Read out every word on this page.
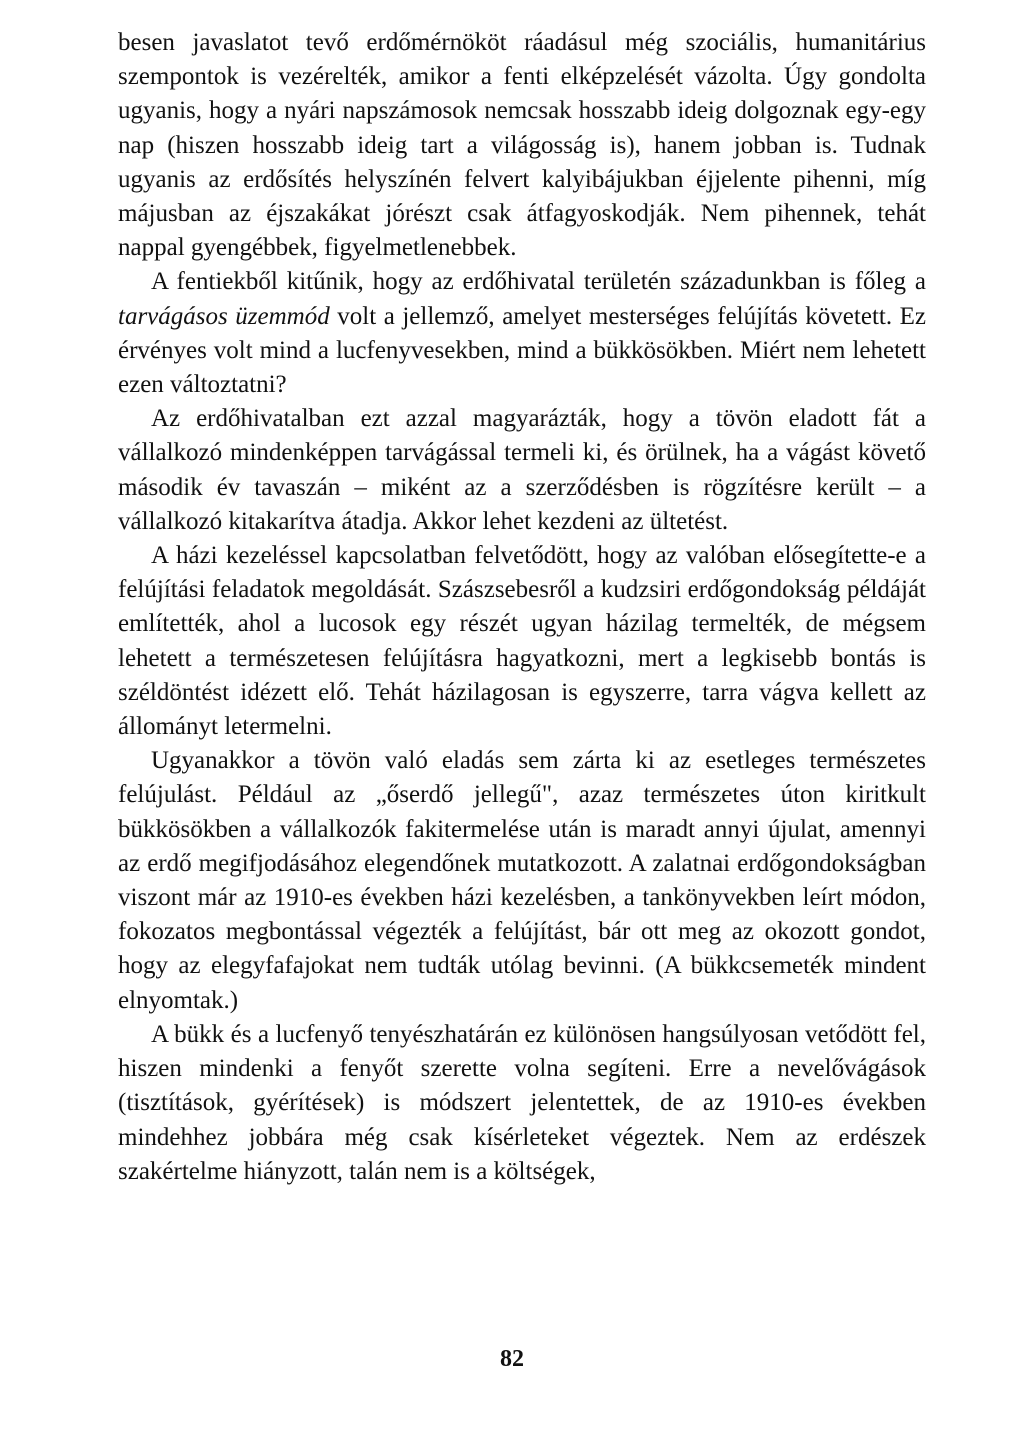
besen javaslatot tevő erdőmérnököt ráadásul még szociális, humanitárius szempontok is vezérelték, amikor a fenti elképzelését vázolta. Úgy gondolta ugyanis, hogy a nyári napszámosok nemcsak hosszabb ideig dolgoznak egy-egy nap (hiszen hosszabb ideig tart a világosság is), hanem jobban is. Tudnak ugyanis az erdősítés helyszínén felvert kalyibájukban éjjelente pihenni, míg májusban az éjszakákat jórészt csak átfagyoskodják. Nem pihennek, tehát nappal gyengébbek, figyelmetlenebbek.

A fentiekből kitűnik, hogy az erdőhivatal területén századunkban is főleg a tarvágásos üzemmód volt a jellemző, amelyet mesterséges felújítás követett. Ez érvényes volt mind a lucfenyvesekben, mind a bükkösökben. Miért nem lehetett ezen változtatni?

Az erdőhivatalban ezt azzal magyarázták, hogy a tövön eladott fát a vállalkozó mindenképpen tarvágással termeli ki, és örülnek, ha a vágást követő második év tavaszán – miként az a szerződésben is rögzítésre került – a vállalkozó kitakarítva átadja. Akkor lehet kezdeni az ültetést.

A házi kezeléssel kapcsolatban felvetődött, hogy az valóban elősegítette-e a felújítási feladatok megoldását. Szászsebesről a kudzsiri erdőgondokság példáját említették, ahol a lucosok egy részét ugyan házilag termelték, de mégsem lehetett a természetesen felújításra hagyatkozni, mert a legkisebb bontás is széldöntést idézett elő. Tehát házilagosan is egyszerre, tarra vágva kellett az állományt letermelni.

Ugyanakkor a tövön való eladás sem zárta ki az esetleges természetes felújulást. Például az „őserdő jellegű", azaz természetes úton kiritkult bükkösökben a vállalkozók fakitermelése után is maradt annyi újulat, amennyi az erdő megifjodásához elegendőnek mutatkozott. A zalatnai erdőgondokságban viszont már az 1910-es években házi kezelésben, a tankönyvekben leírt módon, fokozatos megbontással végezték a felújítást, bár ott meg az okozott gondot, hogy az elegyfafajokat nem tudták utólag bevinni. (A bükkcsemeték mindent elnyomtak.)

A bükk és a lucfenyő tenyészhatárán ez különösen hangsúlyosan vetődött fel, hiszen mindenki a fenyőt szerette volna segíteni. Erre a nevelővágások (tisztítások, gyérítések) is módszert jelentettek, de az 1910-es években mindehhez jobbára még csak kísérleteket végeztek. Nem az erdészek szakértelme hiányzott, talán nem is a költségek,

82
